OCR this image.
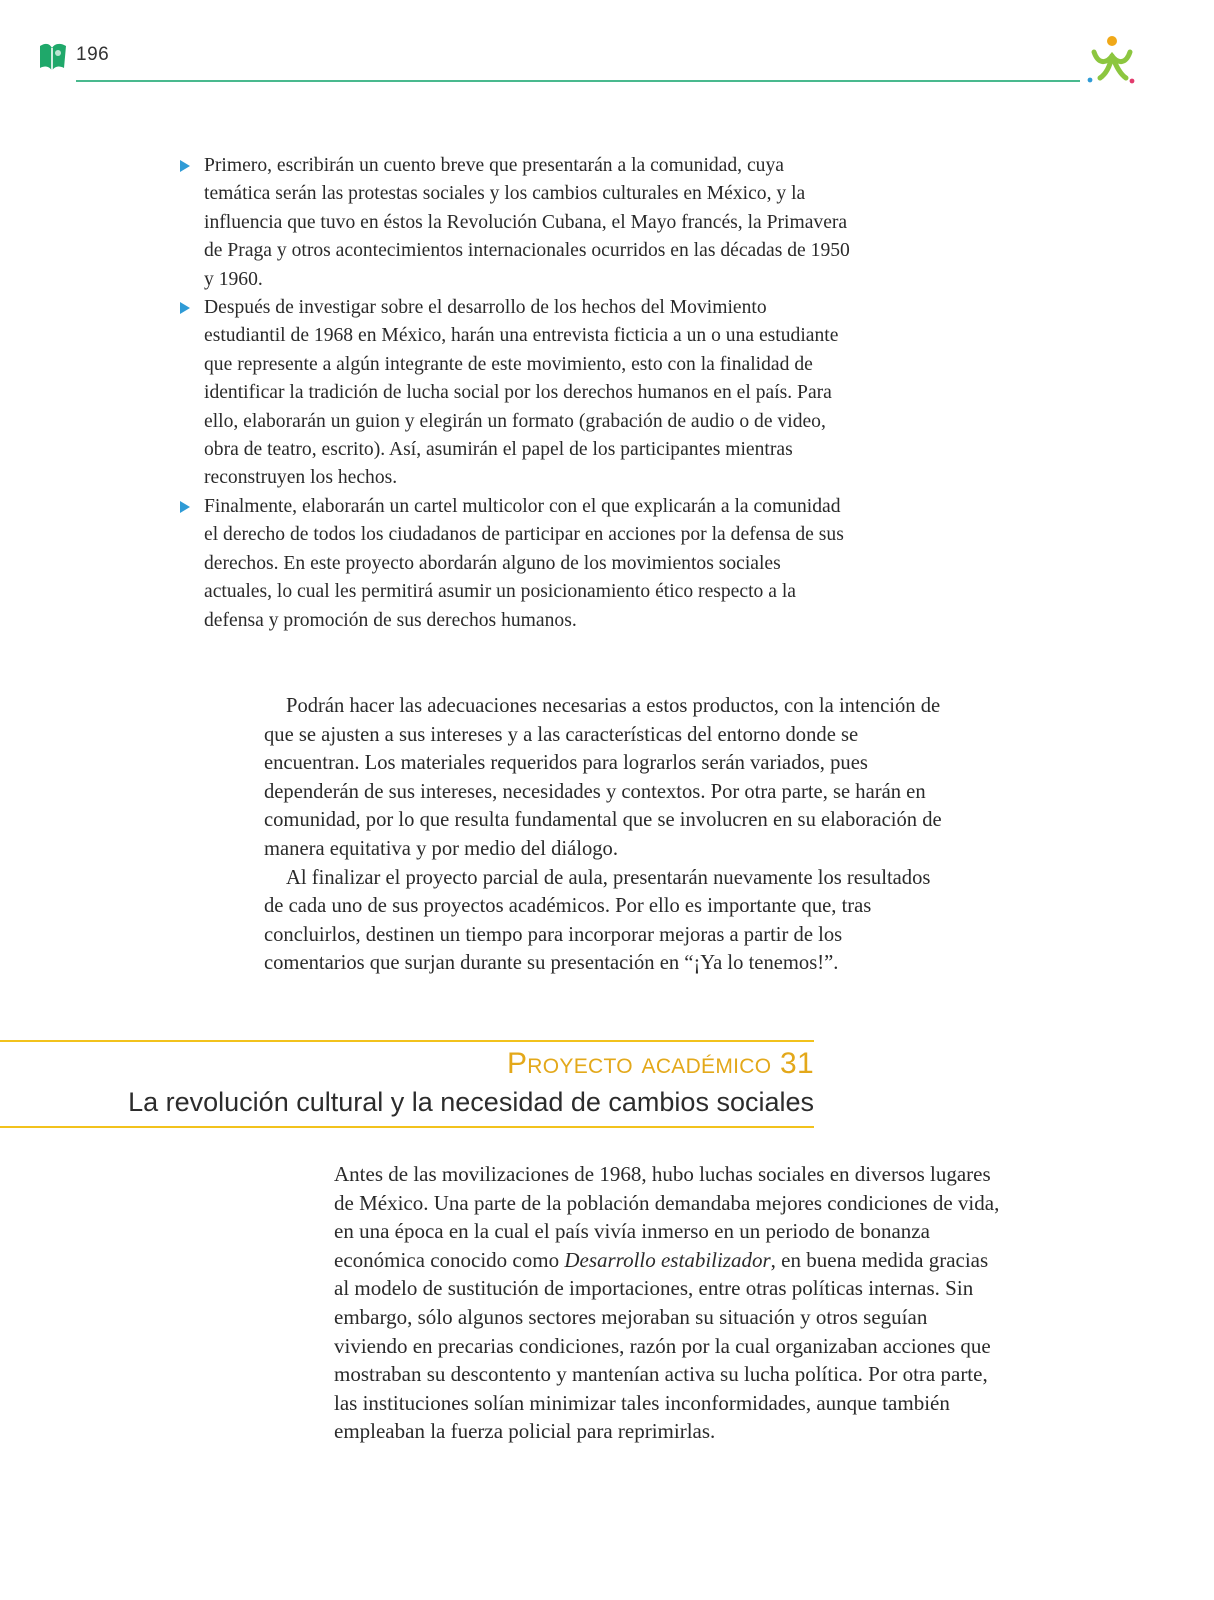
196
Primero, escribirán un cuento breve que presentarán a la comunidad, cuya temática serán las protestas sociales y los cambios culturales en México, y la influencia que tuvo en éstos la Revolución Cubana, el Mayo francés, la Primavera de Praga y otros acontecimientos internacionales ocurridos en las décadas de 1950 y 1960.
Después de investigar sobre el desarrollo de los hechos del Movimiento estudiantil de 1968 en México, harán una entrevista ficticia a un o una estudiante que represente a algún integrante de este movimiento, esto con la finalidad de identificar la tradición de lucha social por los derechos humanos en el país. Para ello, elaborarán un guion y elegirán un formato (grabación de audio o de video, obra de teatro, escrito). Así, asumirán el papel de los participantes mientras reconstruyen los hechos.
Finalmente, elaborarán un cartel multicolor con el que explicarán a la comunidad el derecho de todos los ciudadanos de participar en acciones por la defensa de sus derechos. En este proyecto abordarán alguno de los movimientos sociales actuales, lo cual les permitirá asumir un posicionamiento ético respecto a la defensa y promoción de sus derechos humanos.

Podrán hacer las adecuaciones necesarias a estos productos, con la intención de que se ajusten a sus intereses y a las características del entorno donde se encuentran. Los materiales requeridos para lograrlos serán variados, pues dependerán de sus intereses, necesidades y contextos. Por otra parte, se harán en comunidad, por lo que resulta fundamental que se involucren en su elaboración de manera equitativa y por medio del diálogo.

Al finalizar el proyecto parcial de aula, presentarán nuevamente los resultados de cada uno de sus proyectos académicos. Por ello es importante que, tras concluirlos, destinen un tiempo para incorporar mejoras a partir de los comentarios que surjan durante su presentación en “¡Ya lo tenemos!”.

Proyecto académico 31
La revolución cultural y la necesidad de cambios sociales

Antes de las movilizaciones de 1968, hubo luchas sociales en diversos lugares de México. Una parte de la población demandaba mejores condiciones de vida, en una época en la cual el país vivía inmerso en un periodo de bonanza económica conocido como Desarrollo estabilizador, en buena medida gracias al modelo de sustitución de importaciones, entre otras políticas internas. Sin embargo, sólo algunos sectores mejoraban su situación y otros seguían viviendo en precarias condiciones, razón por la cual organizaban acciones que mostraban su descontento y mantenían activa su lucha política. Por otra parte, las instituciones solían minimizar tales inconformidades, aunque también empleaban la fuerza policial para reprimirlas.
